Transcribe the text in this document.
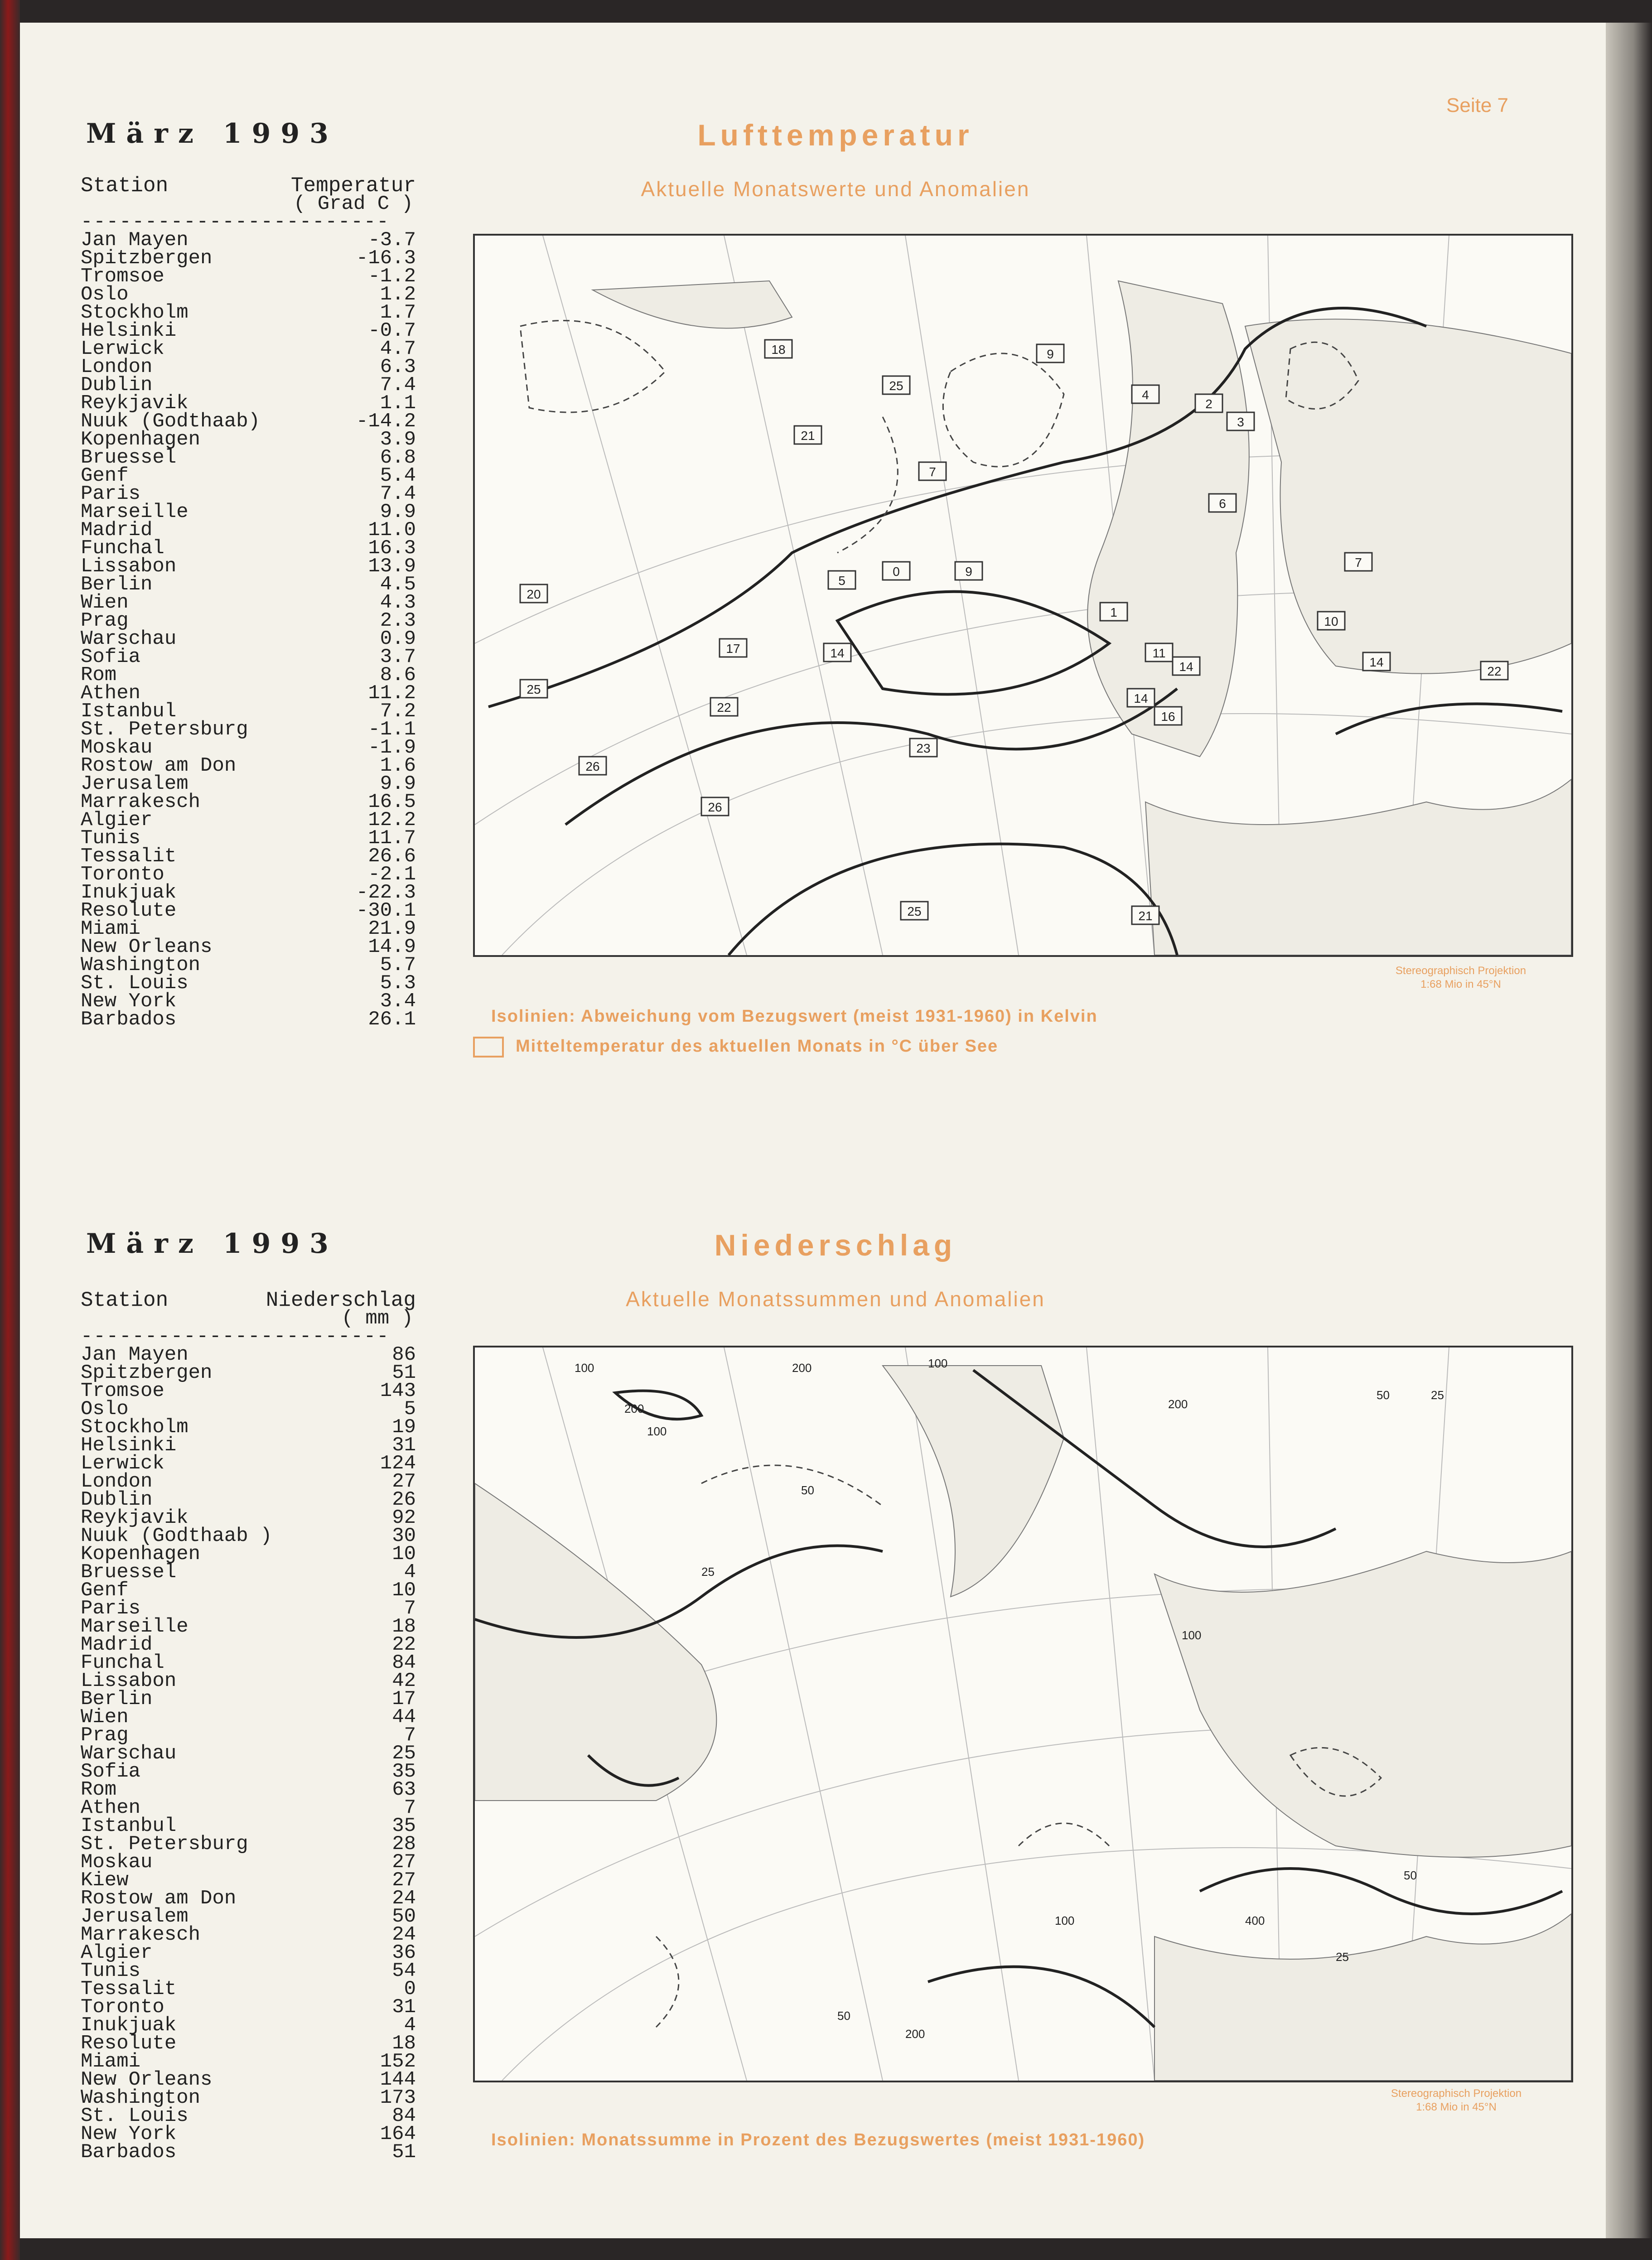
Seite 7
März 1993	Lufttemperatur
Aktuelle Monatswerte und Anomalien
Station	Temperatur
( Grad C )
------------------------
Jan Mayen	-3.7
Spitzbergen	-16.3
Tromsoe	-1.2
Oslo	1.2
Stockholm	1.7
Helsinki	-0.7
Lerwick	4.7
London	6.3
Dublin	7.4
Reykjavik	1.1
Nuuk (Godthaab)	-14.2
Kopenhagen	3.9
Bruessel	6.8
Genf	5.4
Paris	7.4
Marseille	9.9
Madrid	11.0
Funchal	16.3
Lissabon	13.9
Berlin	4.5
Wien	4.3
Prag	2.3
Warschau	0.9
Sofia	3.7
Rom	8.6
Athen	11.2
Istanbul	7.2
St. Petersburg	-1.1
Moskau	-1.9
Rostow am Don	1.6
Jerusalem	9.9
Marrakesch	16.5
Algier	12.2
Tunis	11.7
Tessalit	26.6
Toronto	-2.1
Inukjuak	-22.3
Resolute	-30.1
Miami	21.9
New Orleans	14.9
Washington	5.7
St. Louis	5.3
New York	3.4
Barbados	26.1
18
25
21
7
9
0
5
9
1
4
2
3
6
7
10
11
14	14
22
20
17	14
25
22
23
26
26
25	21
16
14
Stereographisch Projektion
1:68 Mio in 45°N
Isolinien: Abweichung vom Bezugswert (meist 1931-1960) in Kelvin
Mitteltemperatur des aktuellen Monats in °C über See
März 1993	Niederschlag
Aktuelle Monatssummen und Anomalien
Station	Niederschlag
( mm )
------------------------
Jan Mayen	86
Spitzbergen	51
Tromsoe	143
Oslo	5
Stockholm	19
Helsinki	31
Lerwick	124
London	27
Dublin	26
Reykjavik	92
Nuuk (Godthaab )	30
Kopenhagen	10
Bruessel	4
Genf	10
Paris	7
Marseille	18
Madrid	22
Funchal	84
Lissabon	42
Berlin	17
Wien	44
Prag	7
Warschau	25
Sofia	35
Rom	63
Athen	7
Istanbul	35
St. Petersburg	28
Moskau	27
Kiew	27
Rostow am Don	24
Jerusalem	50
Marrakesch	24
Algier	36
Tunis	54
Tessalit	0
Toronto	31
Inukjuak	4
Resolute	18
Miami	152
New Orleans	144
Washington	173
St. Louis	84
New York	164
Barbados	51
100	200	100
50	25
200
100
200
50
25
100
50
100
200
400
25
50
Stereographisch Projektion
1:68 Mio in 45°N
Isolinien: Monatssumme in Prozent des Bezugswertes (meist 1931-1960)
